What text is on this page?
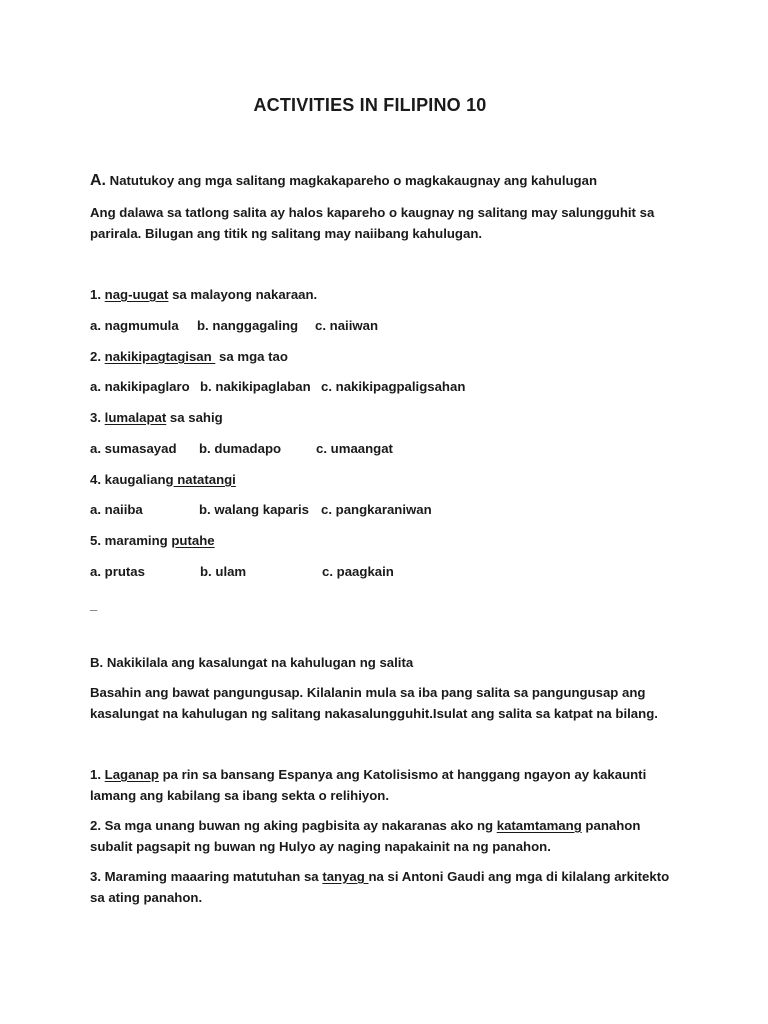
ACTIVITIES IN FILIPINO 10
A. Natutukoy ang mga salitang magkakapareho o magkakaugnay ang kahulugan
Ang dalawa sa tatlong salita ay halos kapareho o kaugnay ng salitang may salungguhit sa
parirala. Bilugan ang titik ng salitang may naiibang kahulugan.
1. nag-uugat sa malayong nakaraan.
a. nagmumula b. nanggagaling c. naiiwan
2. nakikipagtagisan  sa mga tao
a. nakikipaglaro b. nakikipaglaban c. nakikipagpaligsahan
3. lumalapat sa sahig
a. sumasayad b. dumadapo	c. umaangat
4. kaugaliang natatangi
a. naiiba	b. walang kaparis c. pangkaraniwan
5. maraming putahe
a. prutas	b. ulam	c. paagkain
_
B. Nakikilala ang kasalungat na kahulugan ng salita
Basahin ang bawat pangungusap. Kilalanin mula sa iba pang salita sa pangungusap ang
kasalungat na kahulugan ng salitang nakasalungguhit.Isulat ang salita sa katpat na bilang.
1. Laganap pa rin sa bansang Espanya ang Katolisismo at hanggang ngayon ay kakaunti
lamang ang kabilang sa ibang sekta o relihiyon.
2. Sa mga unang buwan ng aking pagbisita ay nakaranas ako ng katamtamang panahon
subalit pagsapit ng buwan ng Hulyo ay naging napakainit na ng panahon.
3. Maraming maaaring matutuhan sa tanyag na si Antoni Gaudi ang mga di kilalang arkitekto
sa ating panahon.
